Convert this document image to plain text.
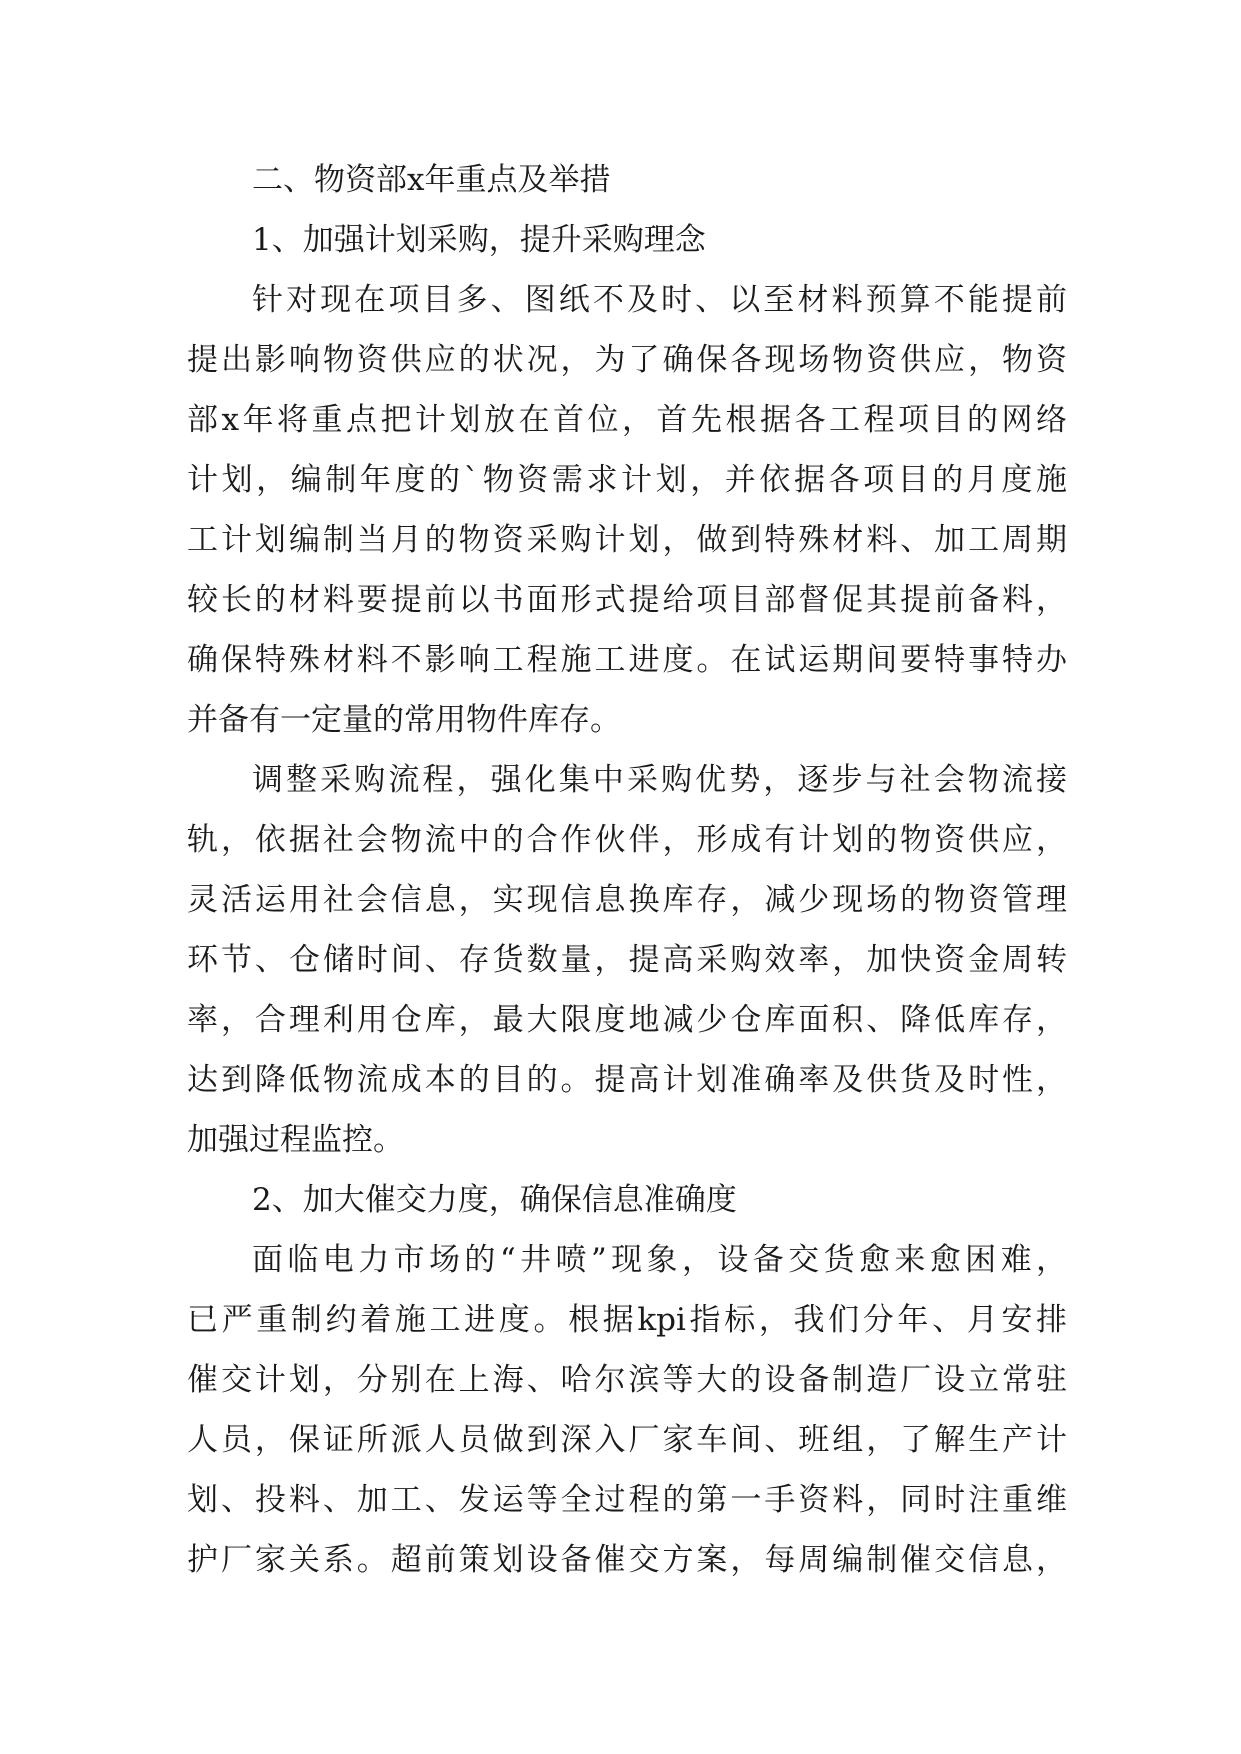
二、物资部x年重点及举措
1、加强计划采购，提升采购理念
针对现在项目多、图纸不及时、以至材料预算不能提前
提出影响物资供应的状况，为了确保各现场物资供应，物资
部x年将重点把计划放在首位，首先根据各工程项目的网络
计划，编制年度的`物资需求计划，并依据各项目的月度施
工计划编制当月的物资采购计划，做到特殊材料、加工周期
较长的材料要提前以书面形式提给项目部督促其提前备料，
确保特殊材料不影响工程施工进度。在试运期间要特事特办
并备有一定量的常用物件库存。
调整采购流程，强化集中采购优势，逐步与社会物流接
轨，依据社会物流中的合作伙伴，形成有计划的物资供应，
灵活运用社会信息，实现信息换库存，减少现场的物资管理
环节、仓储时间、存货数量，提高采购效率，加快资金周转
率，合理利用仓库，最大限度地减少仓库面积、降低库存，
达到降低物流成本的目的。提高计划准确率及供货及时性，
加强过程监控。
2、加大催交力度，确保信息准确度
面临电力市场的“井喷”现象，设备交货愈来愈困难，
已严重制约着施工进度。根据kpi指标，我们分年、月安排
催交计划，分别在上海、哈尔滨等大的设备制造厂设立常驻
人员，保证所派人员做到深入厂家车间、班组，了解生产计
划、投料、加工、发运等全过程的第一手资料，同时注重维
护厂家关系。超前策划设备催交方案，每周编制催交信息，
